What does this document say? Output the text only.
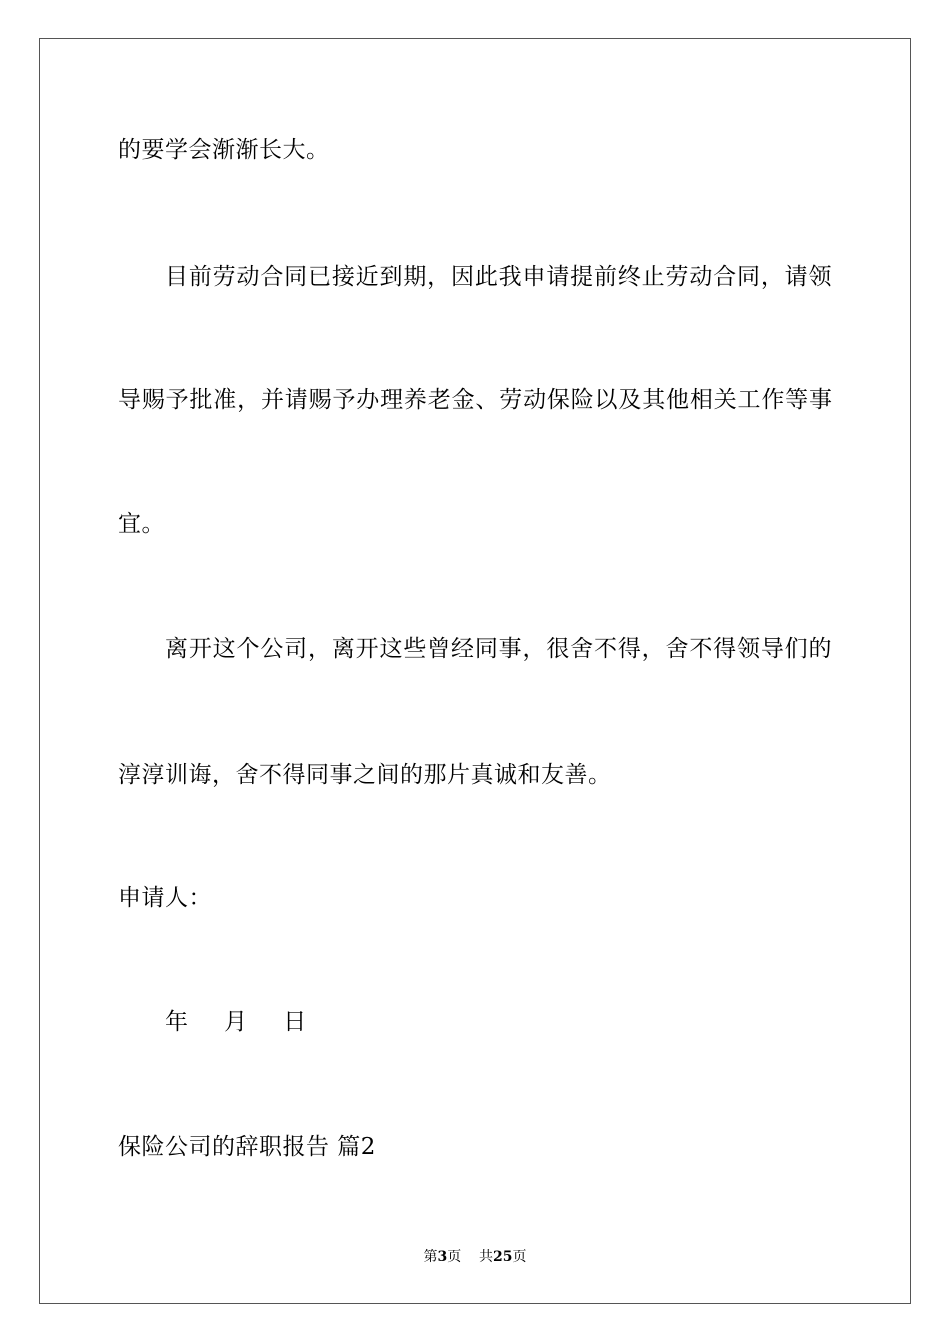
的要学会渐渐长大。
目前劳动合同已接近到期，因此我申请提前终止劳动合同，请领
导赐予批准，并请赐予办理养老金、劳动保险以及其他相关工作等事
宜。
离开这个公司，离开这些曾经同事，很舍不得，舍不得领导们的
淳淳训诲，舍不得同事之间的那片真诚和友善。
申请人：
年 月 日
保险公司的辞职报告 篇2
第3页 共25页
